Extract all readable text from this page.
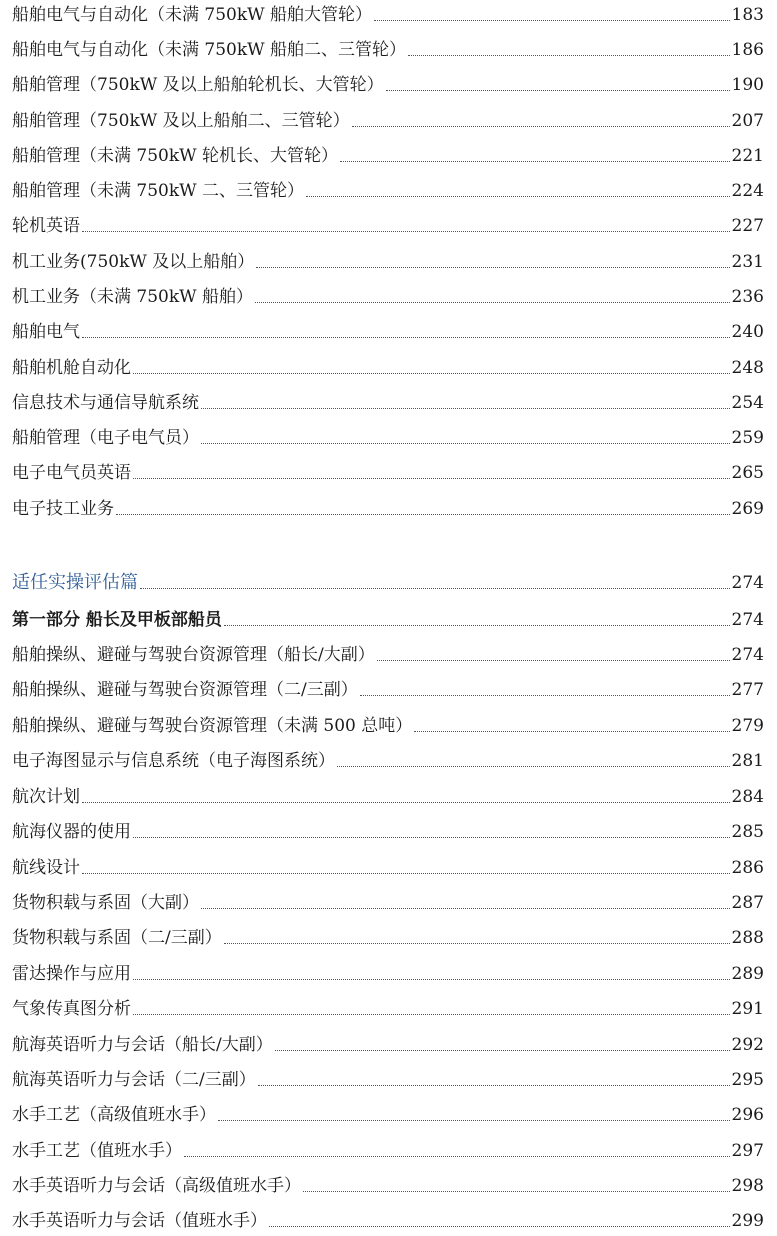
船舶电气与自动化（未满 750kW 船舶大管轮）	183
船舶电气与自动化（未满 750kW 船舶二、三管轮）	186
船舶管理（750kW 及以上船舶轮机长、大管轮）	190
船舶管理（750kW 及以上船舶二、三管轮）	207
船舶管理（未满 750kW 轮机长、大管轮）	221
船舶管理（未满 750kW 二、三管轮）	224
轮机英语	227
机工业务(750kW 及以上船舶）	231
机工业务（未满 750kW 船舶）	236
船舶电气	240
船舶机舱自动化	248
信息技术与通信导航系统	254
船舶管理（电子电气员）	259
电子电气员英语	265
电子技工业务	269
适任实操评估篇	274
第一部分 船长及甲板部船员	274
船舶操纵、避碰与驾驶台资源管理（船长/大副）	274
船舶操纵、避碰与驾驶台资源管理（二/三副）	277
船舶操纵、避碰与驾驶台资源管理（未满 500 总吨）	279
电子海图显示与信息系统（电子海图系统）	281
航次计划	284
航海仪器的使用	285
航线设计	286
货物积载与系固（大副）	287
货物积载与系固（二/三副）	288
雷达操作与应用	289
气象传真图分析	291
航海英语听力与会话（船长/大副）	292
航海英语听力与会话（二/三副）	295
水手工艺（高级值班水手）	296
水手工艺（值班水手）	297
水手英语听力与会话（高级值班水手）	298
水手英语听力与会话（值班水手）	299
